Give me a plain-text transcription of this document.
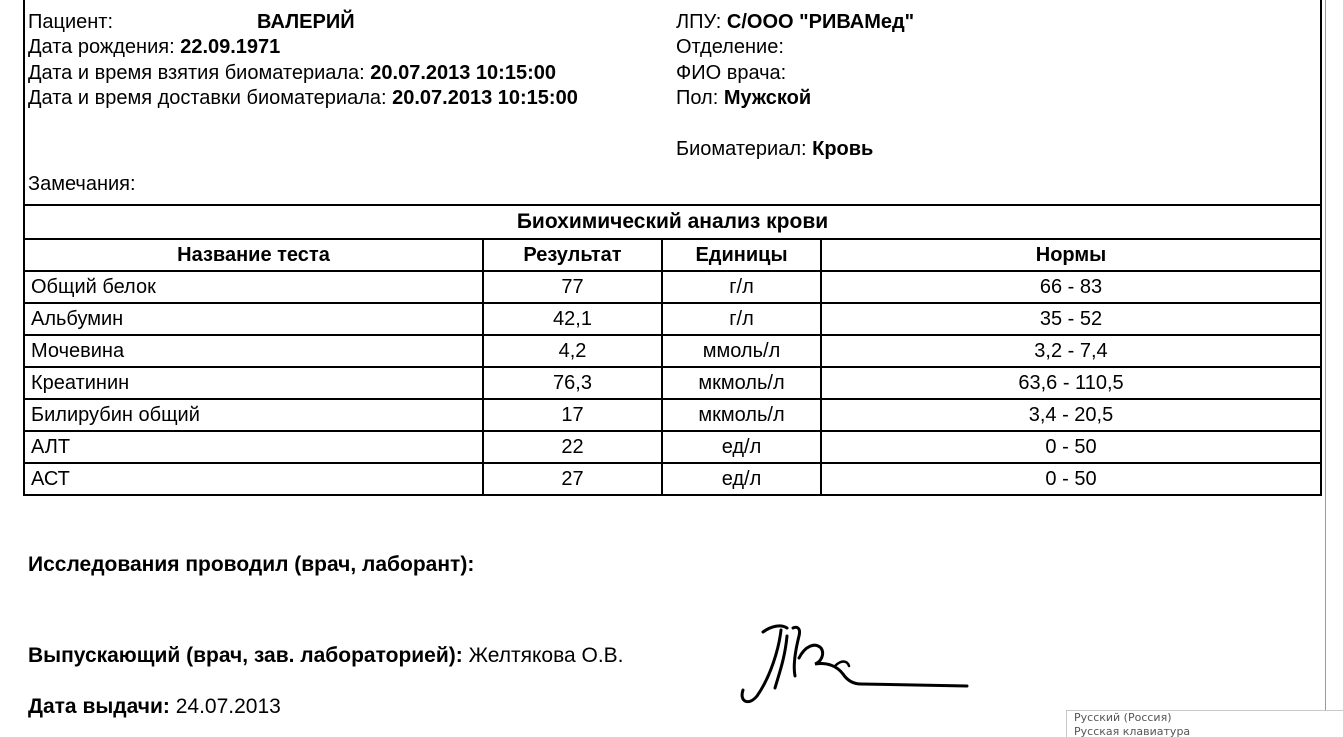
Пациент:	ВАЛЕРИЙ
Дата рождения: 22.09.1971
Дата и время взятия биоматериала: 20.07.2013 10:15:00
Дата и время доставки биоматериала: 20.07.2013 10:15:00
Замечания:
ЛПУ: С/ООО "РИВАМед"
Отделение:
ФИО врача:
Пол: Мужской
Биоматериал: Кровь
Биохимический анализ крови			
Название теста	Результат	Единицы	Нормы
Общий белок	77	г/л	66 - 83
Альбумин	42,1	г/л	35 - 52
Мочевина	4,2	ммоль/л	3,2 - 7,4
Креатинин	76,3	мкмоль/л	63,6 - 110,5
Билирубин общий	17	мкмоль/л	3,4 - 20,5
АЛТ	22	ед/л	0 - 50
АСТ	27	ед/л	0 - 50
Исследования проводил (врач, лаборант):
Выпускающий (врач, зав. лабораторией): Желтякова О.В.
Дата выдачи: 24.07.2013	Русский (Россия)
Русская клавиатура
